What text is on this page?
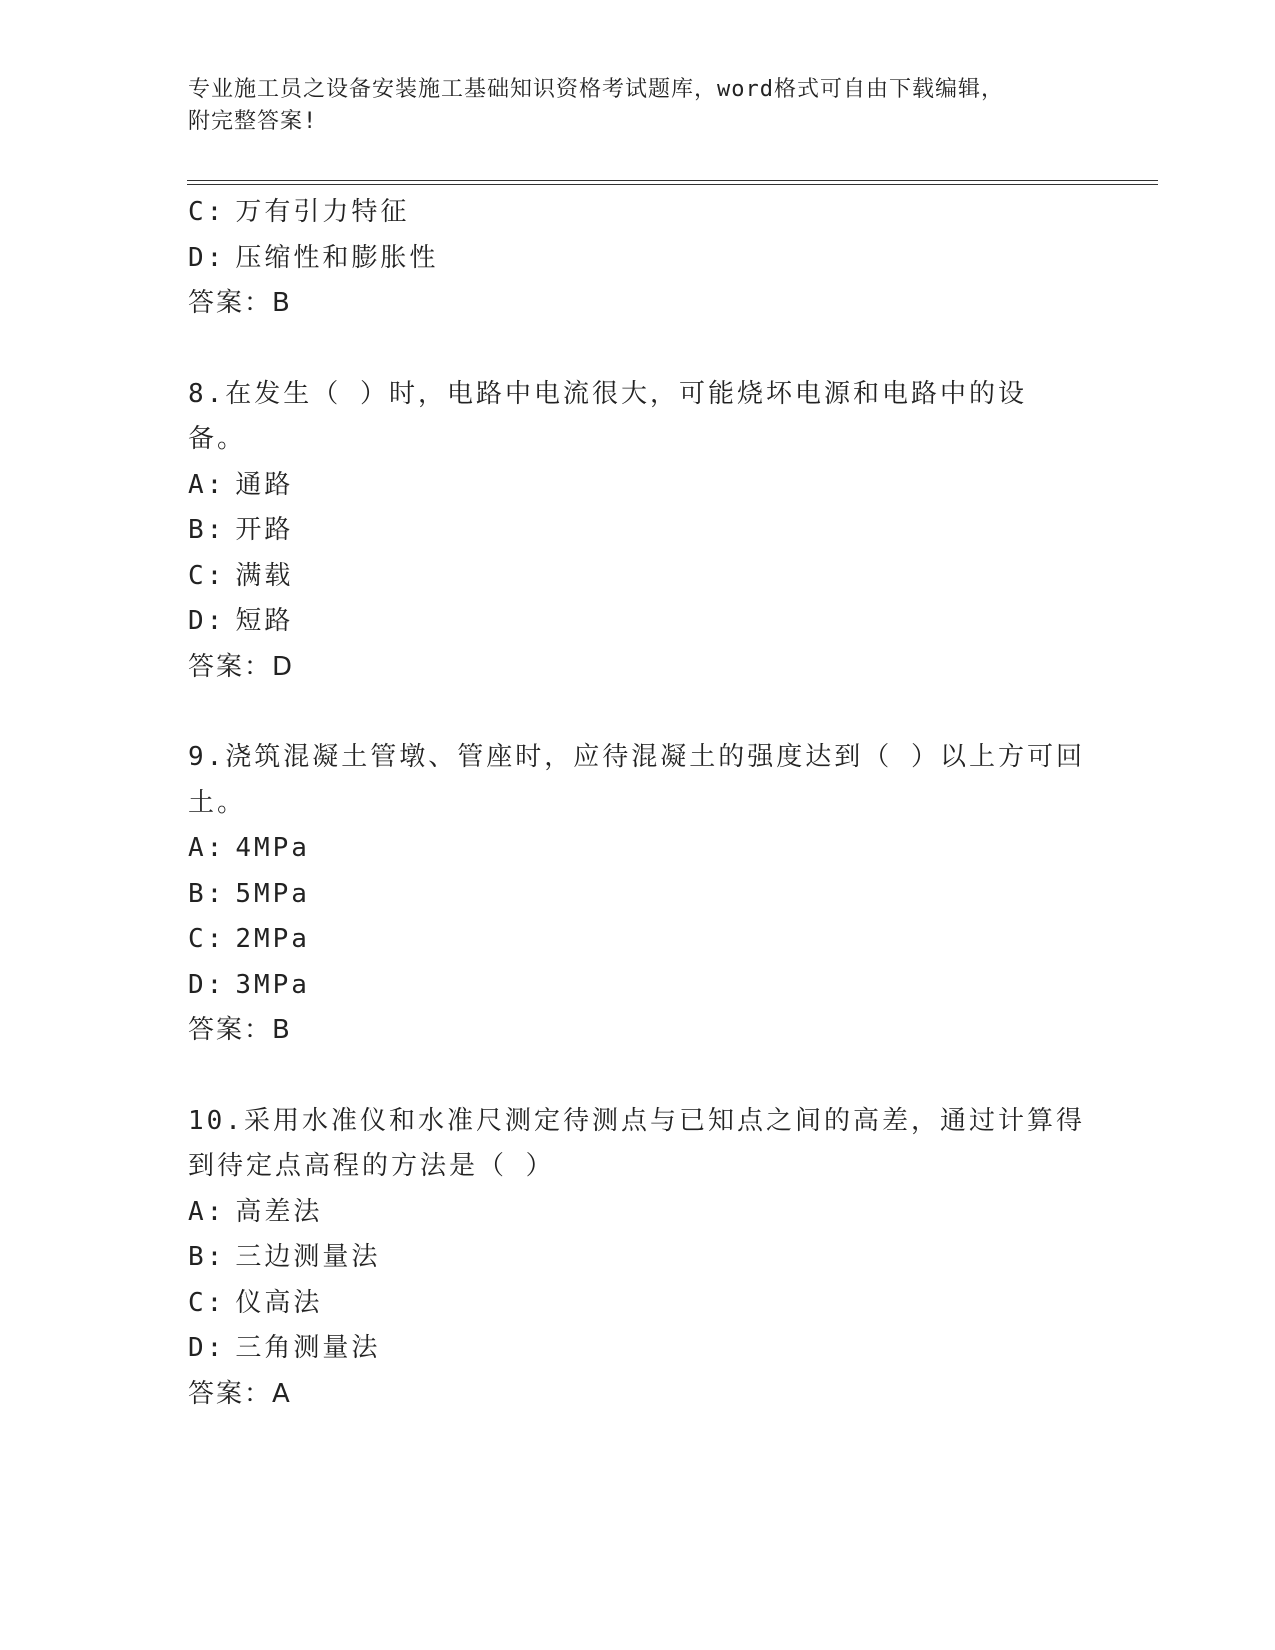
专业施工员之设备安装施工基础知识资格考试题库，word格式可自由下载编辑，
附完整答案!
C: 万有引力特征
D: 压缩性和膨胀性
答案：B
8.在发生（ ）时，电路中电流很大，可能烧坏电源和电路中的设备。
A: 通路
B: 开路
C: 满载
D: 短路
答案：D
9.浇筑混凝土管墩、管座时，应待混凝土的强度达到（ ）以上方可回
土。
A: 4MPa
B: 5MPa
C: 2MPa
D: 3MPa
答案：B
10.采用水准仪和水准尺测定待测点与已知点之间的高差，通过计算得
到待定点高程的方法是（ ）
A: 高差法
B: 三边测量法
C: 仪高法
D: 三角测量法
答案：A
